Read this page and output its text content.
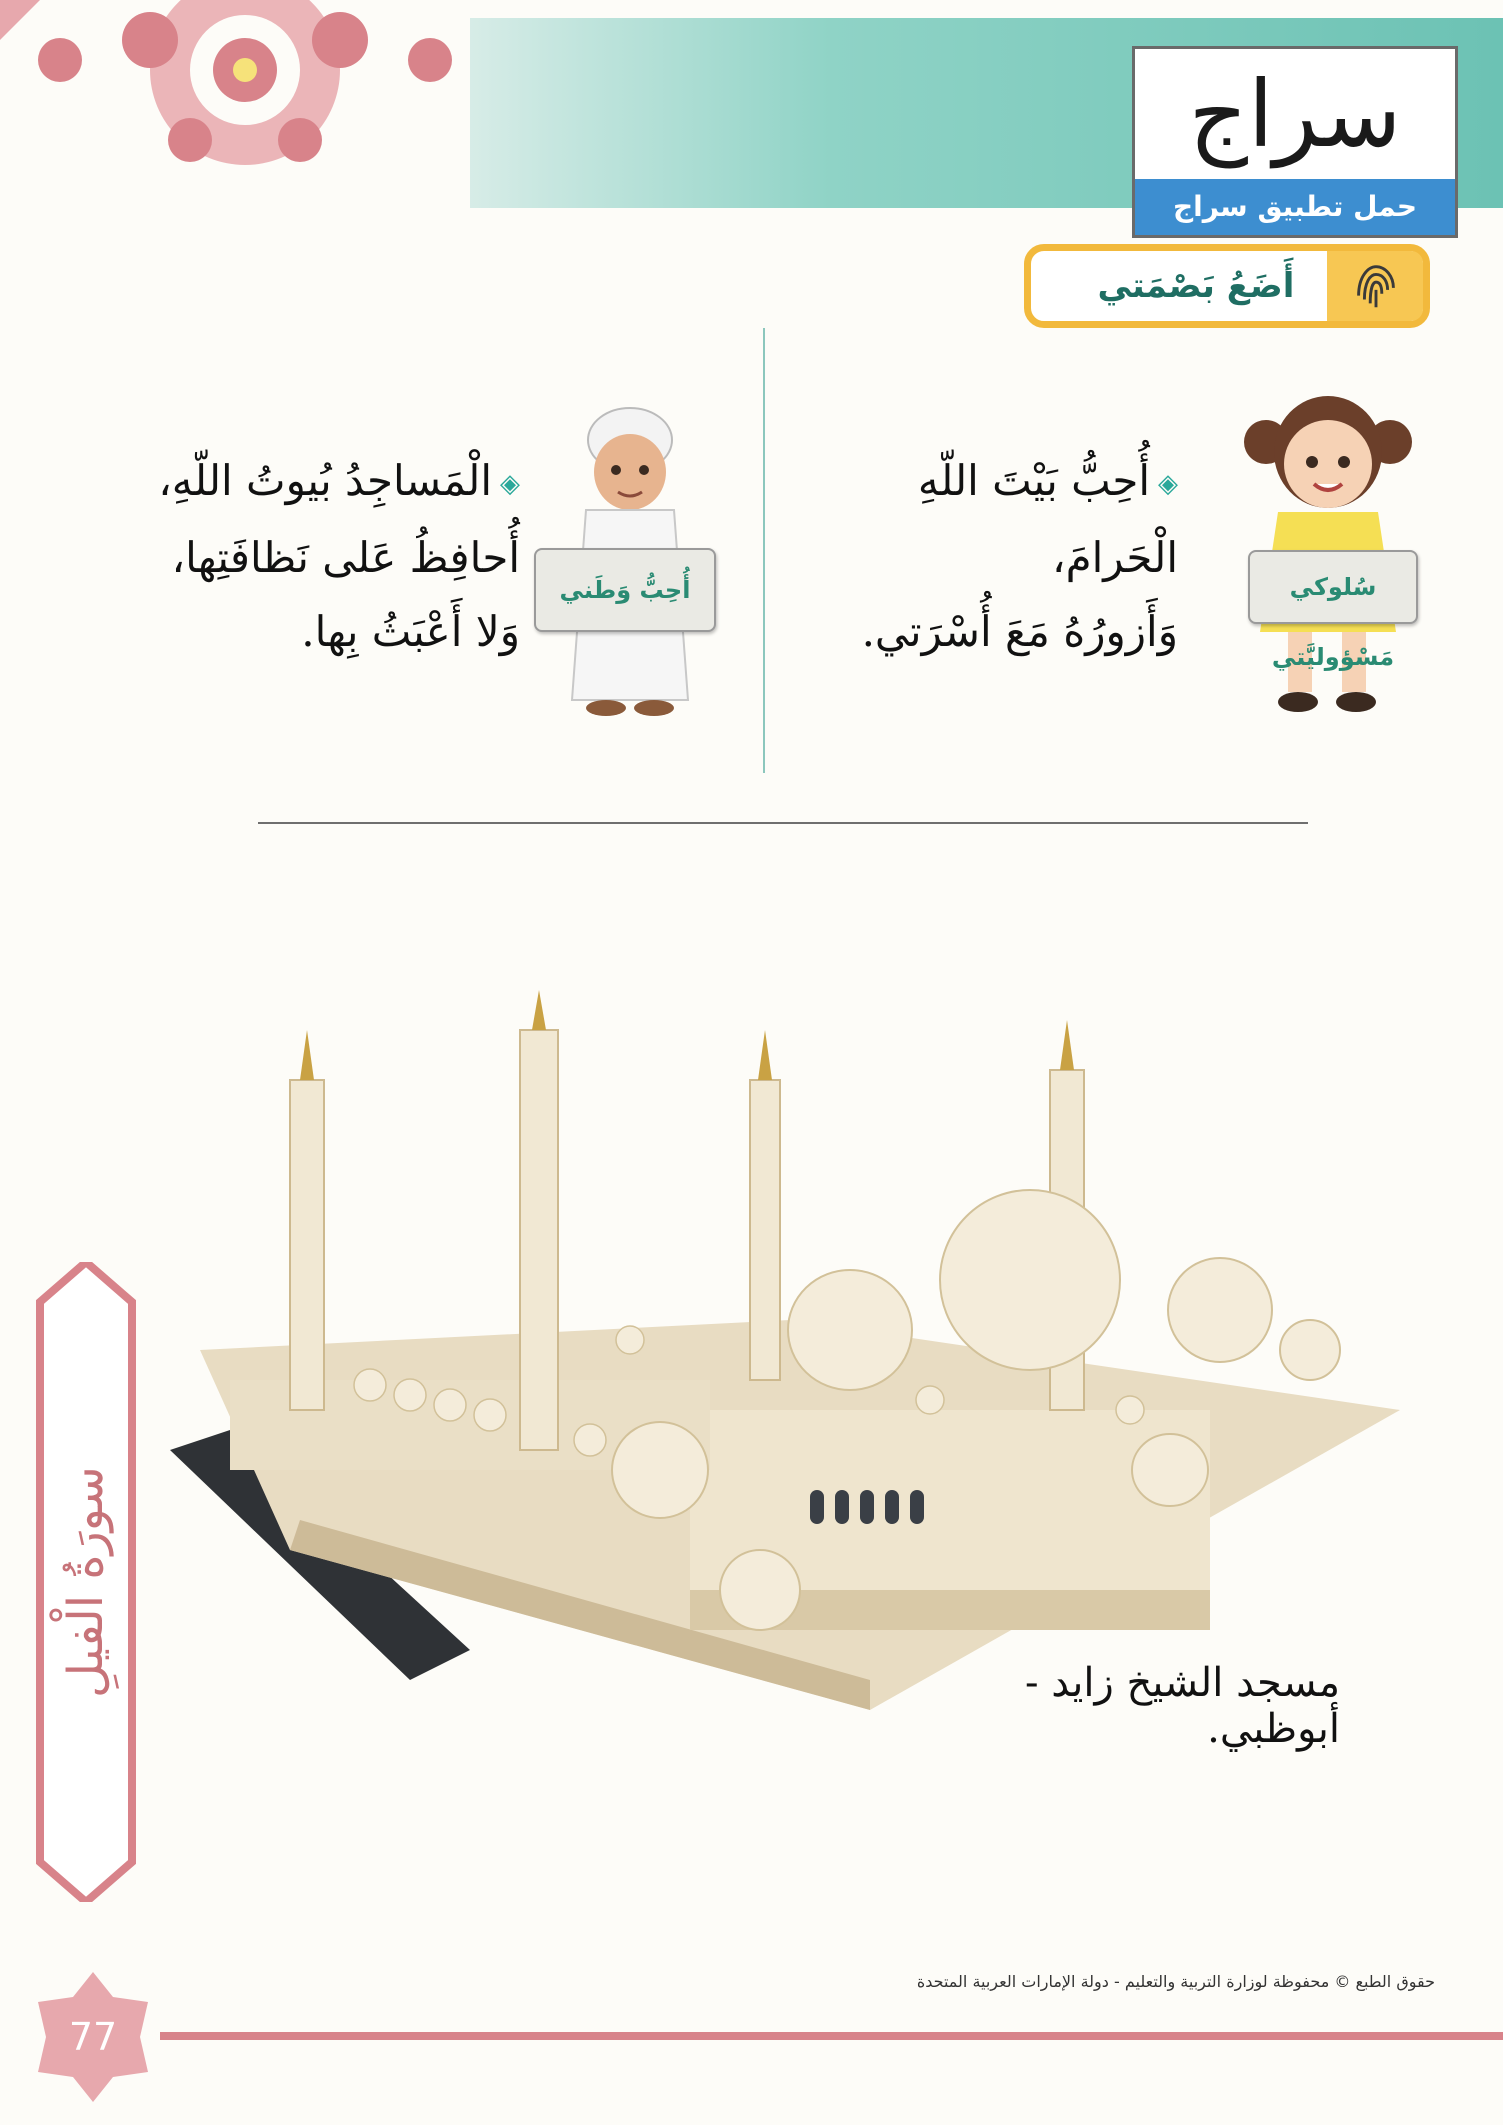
سراج
حمل تطبيق سراج
أَضَعُ بَصْمَتي
سُلوكي مَسْؤوليَّتي
◈أُحِبُّ بَيْتَ اللّهِ الْحَرامَ،
وَأَزورُهُ مَعَ أُسْرَتي.
أُحِبُّ وَطَني
◈الْمَساجِدُ بُيوتُ اللّهِ،
أُحافِظُ عَلى نَظافَتِها،
وَلا أَعْبَثُ بِها.
مسجد الشيخ زايد - أبوظبي.
سورَةُ الْفيلِ
77
حقوق الطبع © محفوظة لوزارة التربية والتعليم - دولة الإمارات العربية المتحدة
